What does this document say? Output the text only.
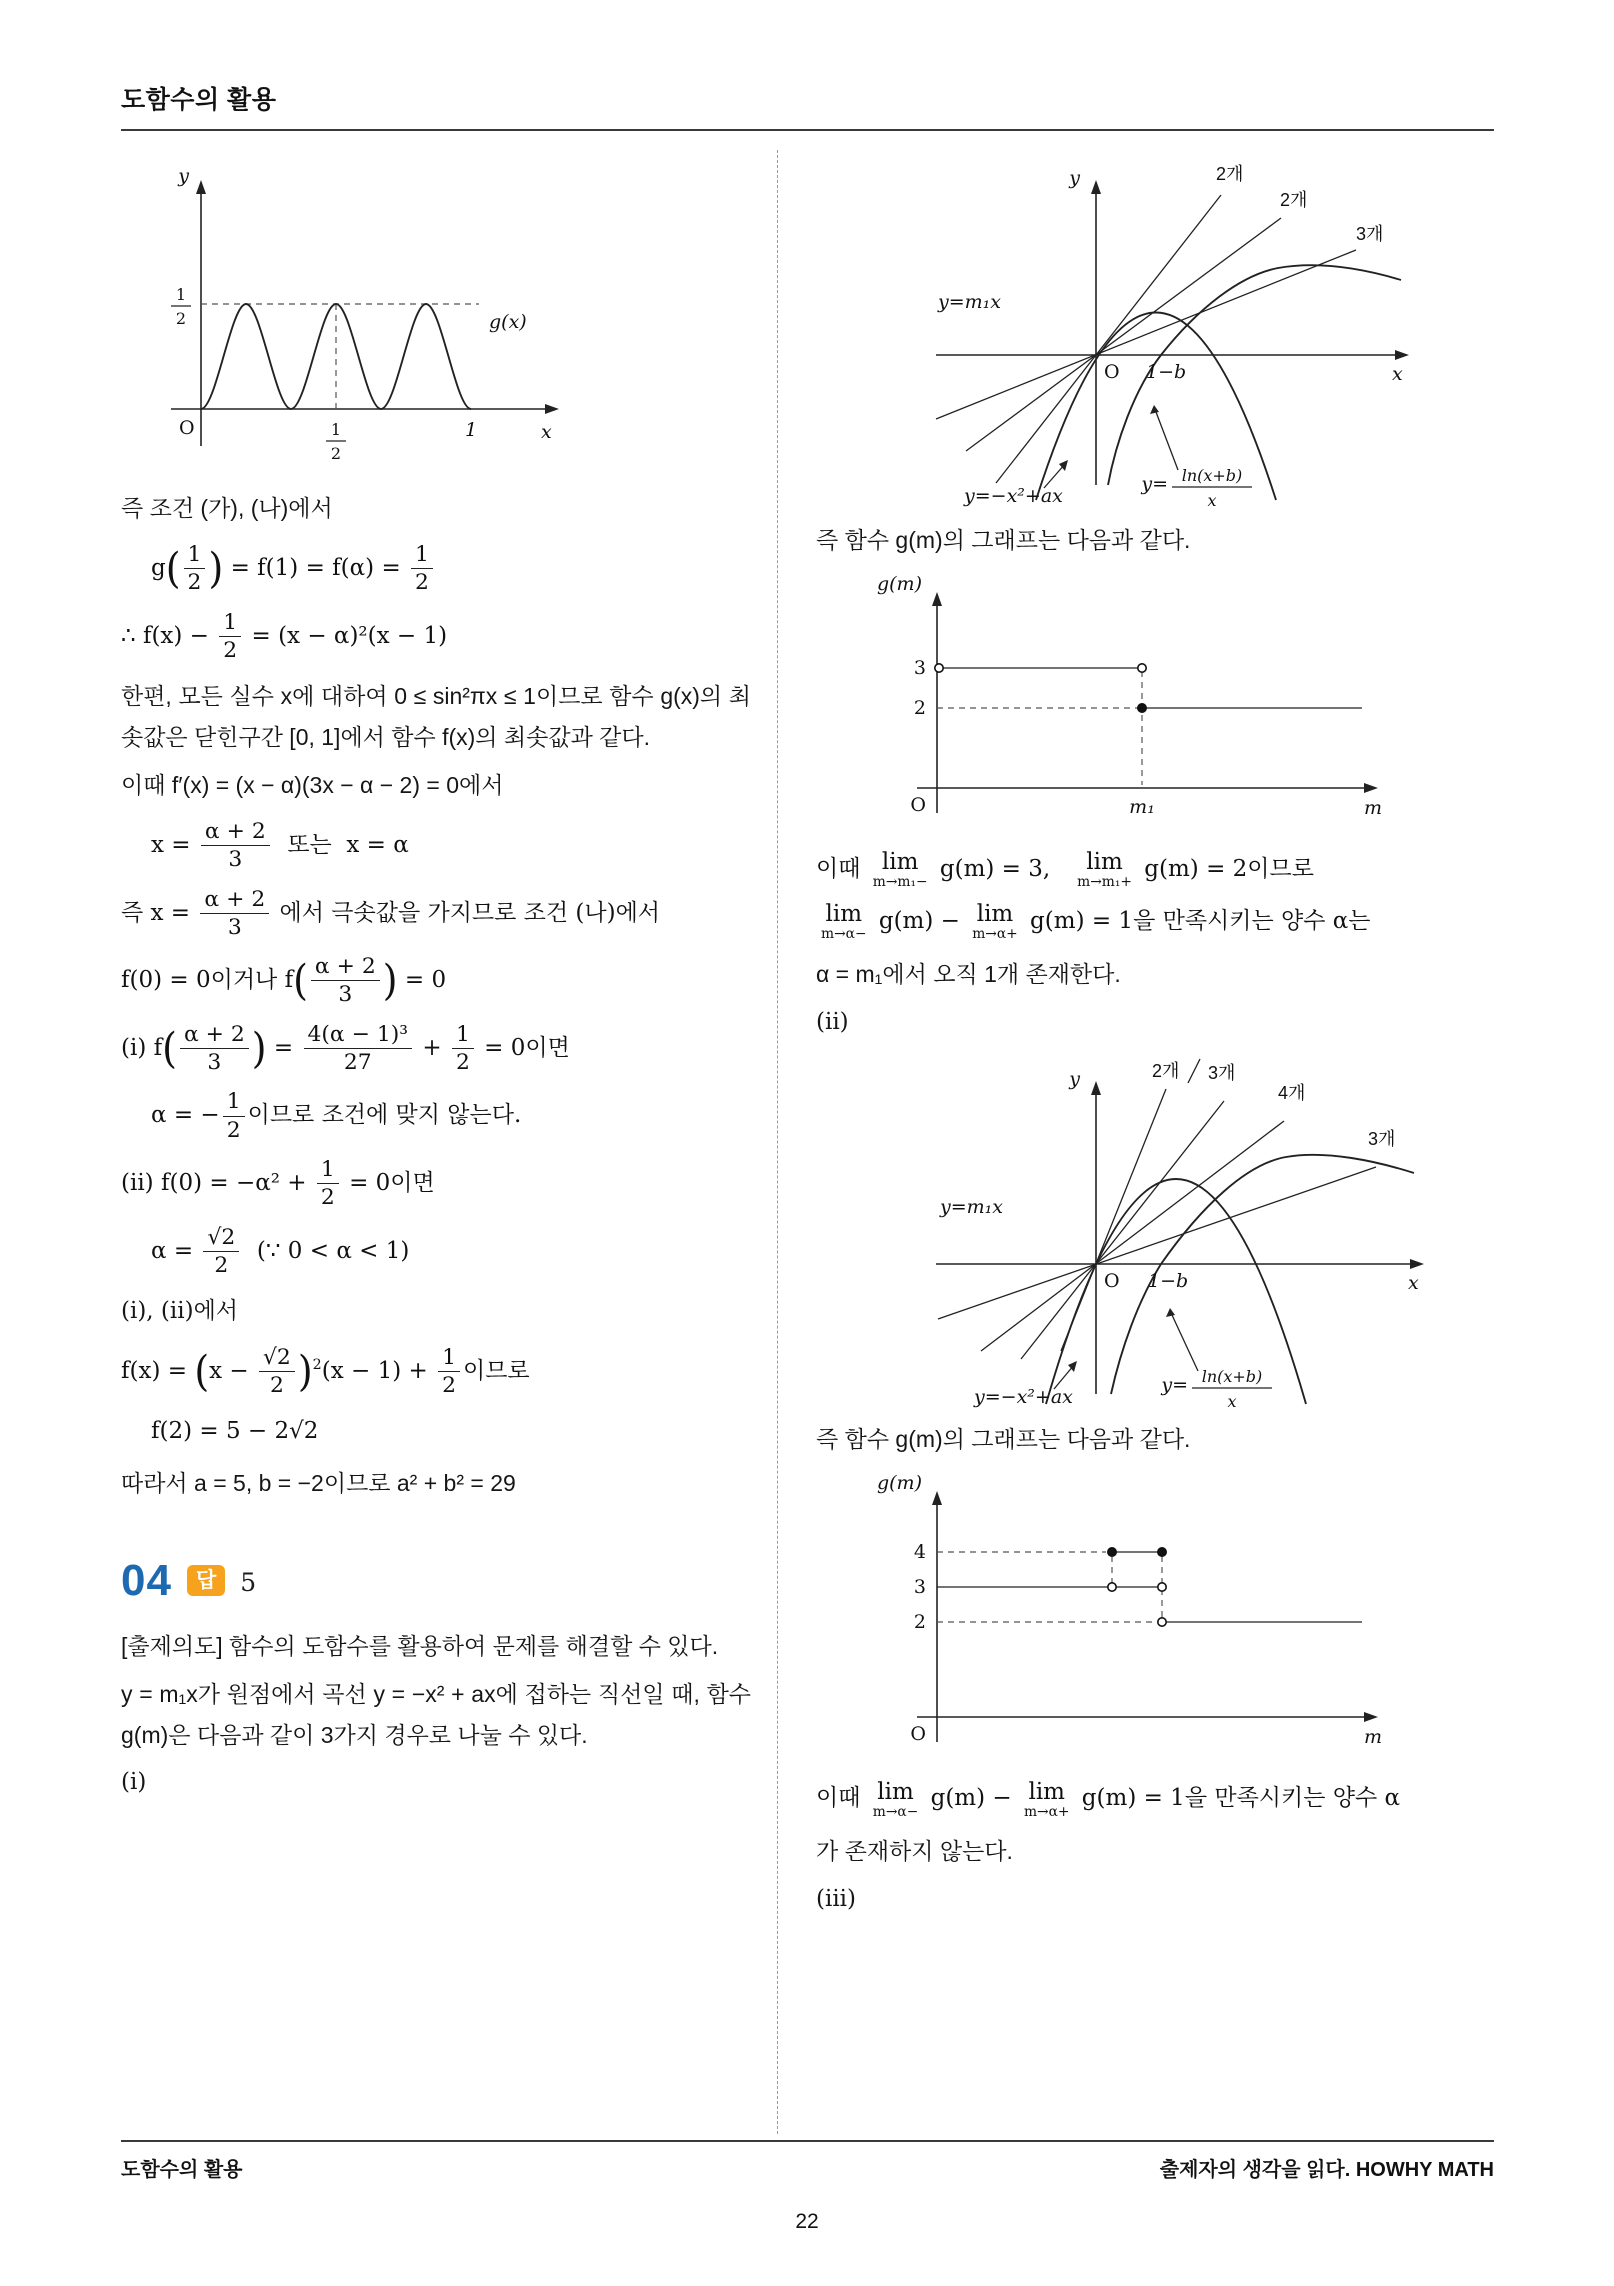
도함수의 활용
1
2
1
2
1
O
y
x
g(x)

즉 조건 (가), (나)에서

$g( \frac{1}{2}$ ) = $f(1) = f(\alpha) = \frac{1}{2}$
∴ $f(x) - \frac{1}{2} = (x - \alpha)^2(x - 1)$

한편, 모든 실수 x에 대하여 0 ≤ sin²πx ≤ 1이므로 함수 g(x)의 최솟값은 닫힌구간 [0, 1]에서 함수 f(x)의 최솟값과 같다.

이때 f′(x) = (x − α)(3x − α − 2) = 0에서

$x = \frac{\alpha + 2}{3}$ 또는  x = α
즉 $x = \frac{\alpha + 2}{3}$ 에서 극솟값을 가지므로 조건 (나)에서
f(0) = 0이거나 $f( \frac{\alpha + 2}{3}$ ) = 0
(i) $f( \frac{\alpha + 2}{3}$ ) = $\frac{\text{4(α − 1)³}}{27} + \frac{1}{2} = 0$이면
α = − $\frac{1}{2}$ 이므로 조건에 맞지 않는다.
(ii) $f(0) = -\alpha^2 + \frac{1}{2} = 0$이면
$\alpha = \frac{√2}{2}$ (∵ 0 < α < 1)

(i), (ii)에서

$f(x) = (x - \frac{√2}{2} )^2(x - 1) + \frac{1}{2}$ 이므로
f(2) = 5 − 2√2

따라서 a = 5, b = −2이므로 a² + b² = 29

04	답 5

[출제의도] 함수의 도함수를 활용하여 문제를 해결할 수 있다.

y = m₁x가 원점에서 곡선 y = −x² + ax에 접하는 직선일 때, 함수 g(m)은 다음과 같이 3가지 경우로 나눌 수 있다.

(i)

2개
2개
3개
y=m₁x
O 1−b	x
y
y=−x²+ax
y= ln(x+b)
x

즉 함수 g(m)의 그래프는 다음과 같다.

3
2
O	m₁	m
g(m)
이때 lim
m→m₁−
g(m) = 3, lim
m→m₁+
g(m) = 2이므로
lim
m→α−
g(m) − lim
m→α+
g(m) = 1을 만족시키는 양수 α는

α = m₁에서 오직 1개 존재한다.

(ii)

2개 3개
4개
3개
y=m₁x
O 1−b	x
y
y=−x²+ax
y= ln(x+b)
x

즉 함수 g(m)의 그래프는 다음과 같다.

4
3
2
O	m
g(m)
이때 lim
m→α−
g(m) − lim
m→α+
g(m) = 1을 만족시키는 양수 α

가 존재하지 않는다.

(iii)

도함수의 활용	출제자의 생각을 읽다. HOWHY MATH
22
